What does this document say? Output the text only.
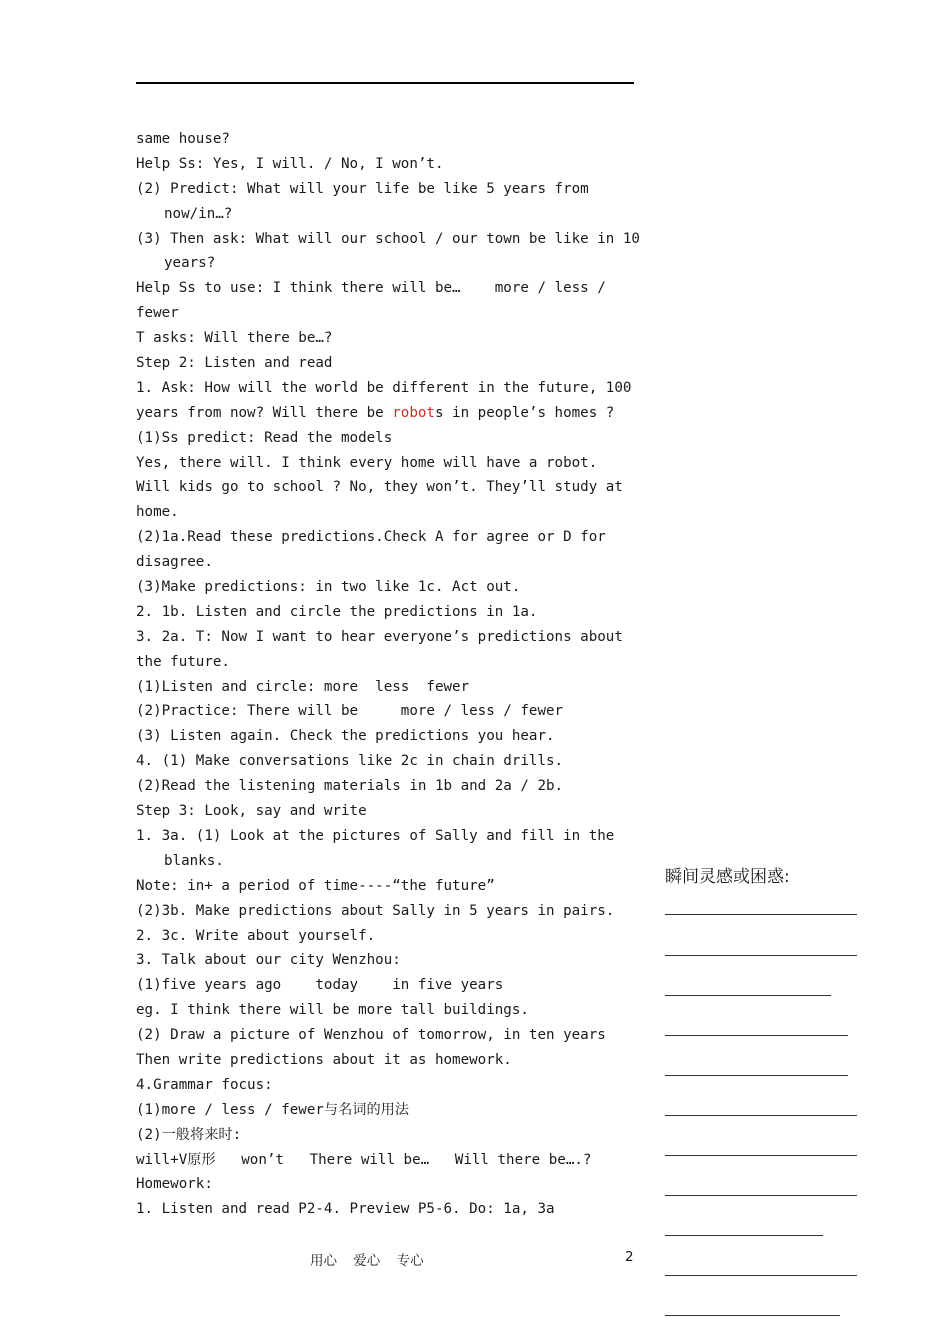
same house?
Help Ss: Yes, I will. / No, I won’t.
(2) Predict: What will your life be like 5 years from
now/in…?
(3) Then ask: What will our school / our town be like in 10
years?
Help Ss to use: I think there will be…    more / less /
fewer
T asks: Will there be…?
Step 2: Listen and read
1. Ask: How will the world be different in the future, 100
years from now? Will there be robots in people’s homes ?
(1)Ss predict: Read the models
Yes, there will. I think every home will have a robot.
Will kids go to school ? No, they won’t. They’ll study at
home.
(2)1a.Read these predictions.Check A for agree or D for
disagree.
(3)Make predictions: in two like 1c. Act out.
2. 1b. Listen and circle the predictions in 1a.
3. 2a. T: Now I want to hear everyone’s predictions about
the future.
(1)Listen and circle: more  less  fewer
(2)Practice: There will be     more / less / fewer
(3) Listen again. Check the predictions you hear.
4. (1) Make conversations like 2c in chain drills.
(2)Read the listening materials in 1b and 2a / 2b.
Step 3: Look, say and write
1. 3a. (1) Look at the pictures of Sally and fill in the
blanks.
Note: in+ a period of time----“the future”
(2)3b. Make predictions about Sally in 5 years in pairs.
2. 3c. Write about yourself.
3. Talk about our city Wenzhou:
(1)five years ago    today    in five years
eg. I think there will be more tall buildings.
(2) Draw a picture of Wenzhou of tomorrow, in ten years
Then write predictions about it as homework.
4.Grammar focus:
(1)more / less / fewer与名词的用法
(2)一般将来时:
will+V原形   won’t   There will be…   Will there be….?
Homework:
1. Listen and read P2-4. Preview P5-6. Do: 1a, 3a
瞬间灵感或困惑:
用心 爱心 专心	2
